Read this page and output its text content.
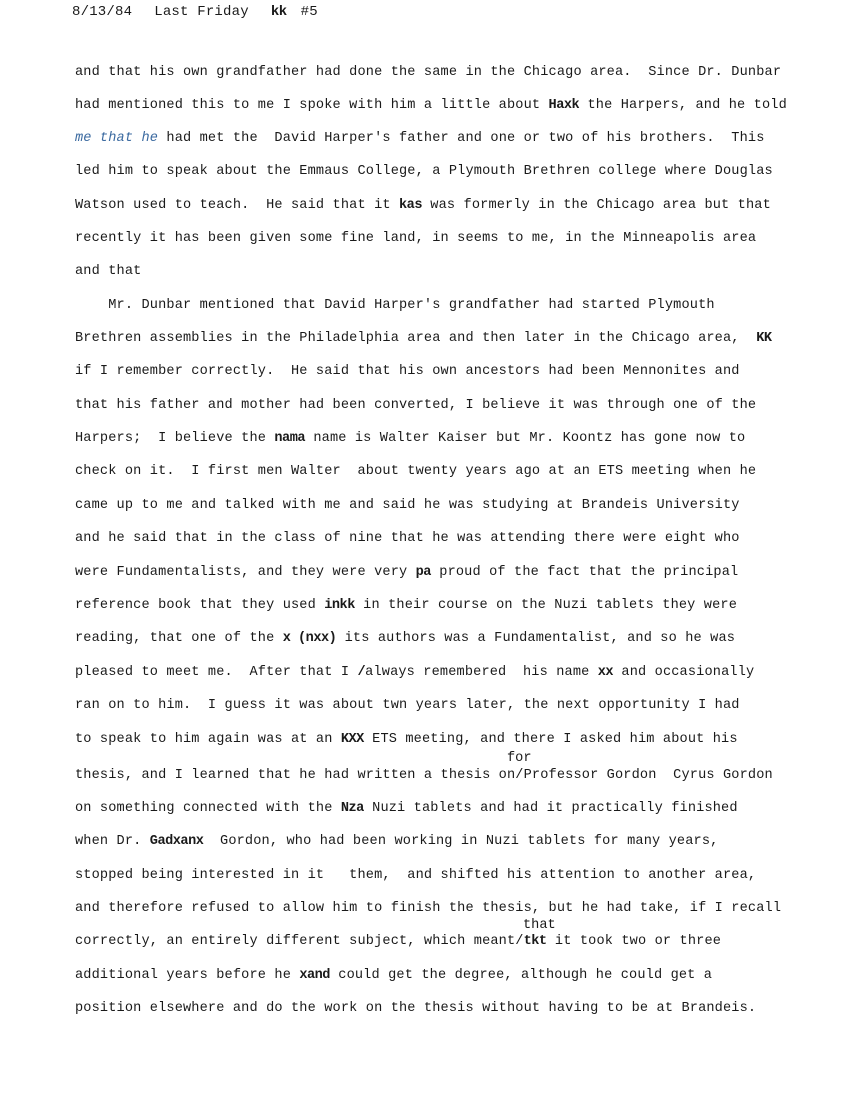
8/13/84 Last Friday kk #5
and that his own grandfather had done the same in the Chicago area.  Since Dr. Dunbar
had mentioned this to me I spoke with him a little about Haxk the Harpers, and he told
me that he had met the  David Harper's father and one or two of his brothers.  This
led him to speak about the Emmaus College, a Plymouth Brethren college where Douglas
Watson used to teach.  He said that it kas was formerly in the Chicago area but that
recently it has been given some fine land, in seems to me, in the Minneapolis area
and that
Mr. Dunbar mentioned that David Harper's grandfather had started Plymouth
Brethren assemblies in the Philadelphia area and then later in the Chicago area,  KK
if I remember correctly.  He said that his own ancestors had been Mennonites and
that his father and mother had been converted, I believe it was through one of the
Harpers;  I believe the nama name is Walter Kaiser but Mr. Koontz has gone now to
check on it.  I first men Walter  about twenty years ago at an ETS meeting when he
came up to me and talked with me and said he was studying at Brandeis University
and he said that in the class of nine that he was attending there were eight who
were Fundamentalists, and they were very pa proud of the fact that the principal
reference book that they used inkk in their course on the Nuzi tablets they were
reading, that one of the x (nxx) its authors was a Fundamentalist, and so he was
pleased to meet me.  After that I /always remembered  his name xx and occasionally
ran on to him.  I guess it was about twn years later, the next opportunity I had
to speak to him again was at an KXX ETS meeting, and there I asked him about his
thesis, and I learned that he had written a thesis on/Professor Gordon  Cyrus Gordon
on something connected with the Nza Nuzi tablets and had it practically finished
when Dr. Gadxanx  Gordon, who had been working in Nuzi tablets for many years,
stopped being interested in it   them,  and shifted his attention to another area,
and therefore refused to allow him to finish the thesis, but he had take, if I recall
correctly, an entirely different subject, which meant/tkt it took two or three
additional years before he xand could get the degree, although he could get a
position elsewhere and do the work on the thesis without having to be at Brandeis.
for
that
